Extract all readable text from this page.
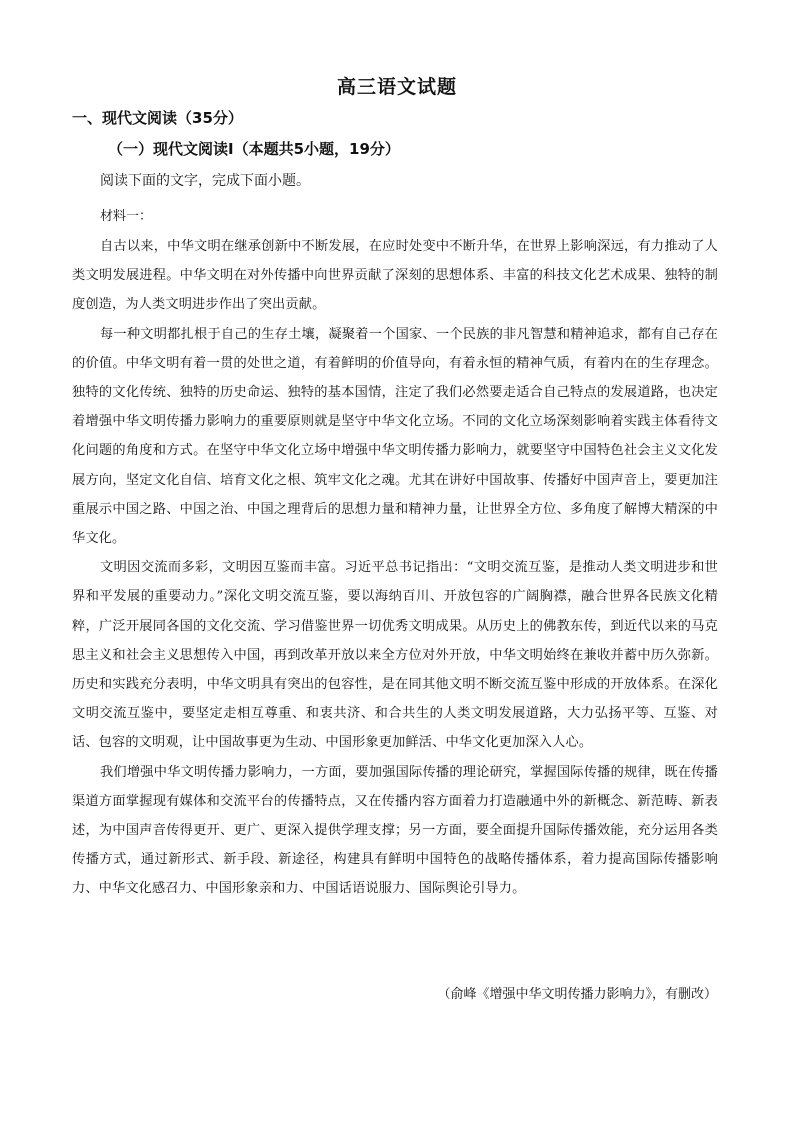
高三语文试题
一、现代文阅读（35分）
（一）现代文阅读Ⅰ（本题共5小题，19分）
阅读下面的文字，完成下面小题。
材料一：

自古以来，中华文明在继承创新中不断发展，在应时处变中不断升华，在世界上影响深远，有力推动了人类文明发展进程。中华文明在对外传播中向世界贡献了深刻的思想体系、丰富的科技文化艺术成果、独特的制度创造，为人类文明进步作出了突出贡献。

每一种文明都扎根于自己的生存土壤，凝聚着一个国家、一个民族的非凡智慧和精神追求，都有自己存在的价值。中华文明有着一贯的处世之道，有着鲜明的价值导向，有着永恒的精神气质，有着内在的生存理念。独特的文化传统、独特的历史命运、独特的基本国情，注定了我们必然要走适合自己特点的发展道路，也决定着增强中华文明传播力影响力的重要原则就是坚守中华文化立场。不同的文化立场深刻影响着实践主体看待文化问题的角度和方式。在坚守中华文化立场中增强中华文明传播力影响力，就要坚守中国特色社会主义文化发展方向，坚定文化自信、培育文化之根、筑牢文化之魂。尤其在讲好中国故事、传播好中国声音上，要更加注重展示中国之路、中国之治、中国之理背后的思想力量和精神力量，让世界全方位、多角度了解博大精深的中华文化。

文明因交流而多彩，文明因互鉴而丰富。习近平总书记指出：“文明交流互鉴，是推动人类文明进步和世界和平发展的重要动力。”深化文明交流互鉴，要以海纳百川、开放包容的广阔胸襟，融合世界各民族文化精粹，广泛开展同各国的文化交流、学习借鉴世界一切优秀文明成果。从历史上的佛教东传，到近代以来的马克思主义和社会主义思想传入中国，再到改革开放以来全方位对外开放，中华文明始终在兼收并蓄中历久弥新。历史和实践充分表明，中华文明具有突出的包容性，是在同其他文明不断交流互鉴中形成的开放体系。在深化文明交流互鉴中，要坚定走相互尊重、和衷共济、和合共生的人类文明发展道路，大力弘扬平等、互鉴、对话、包容的文明观，让中国故事更为生动、中国形象更加鲜活、中华文化更加深入人心。

我们增强中华文明传播力影响力，一方面，要加强国际传播的理论研究，掌握国际传播的规律，既在传播渠道方面掌握现有媒体和交流平台的传播特点，又在传播内容方面着力打造融通中外的新概念、新范畴、新表述，为中国声音传得更开、更广、更深入提供学理支撑；另一方面，要全面提升国际传播效能，充分运用各类传播方式，通过新形式、新手段、新途径，构建具有鲜明中国特色的战略传播体系，着力提高国际传播影响力、中华文化感召力、中国形象亲和力、中国话语说服力、国际舆论引导力。

（俞峰《增强中华文明传播力影响力》，有删改）
